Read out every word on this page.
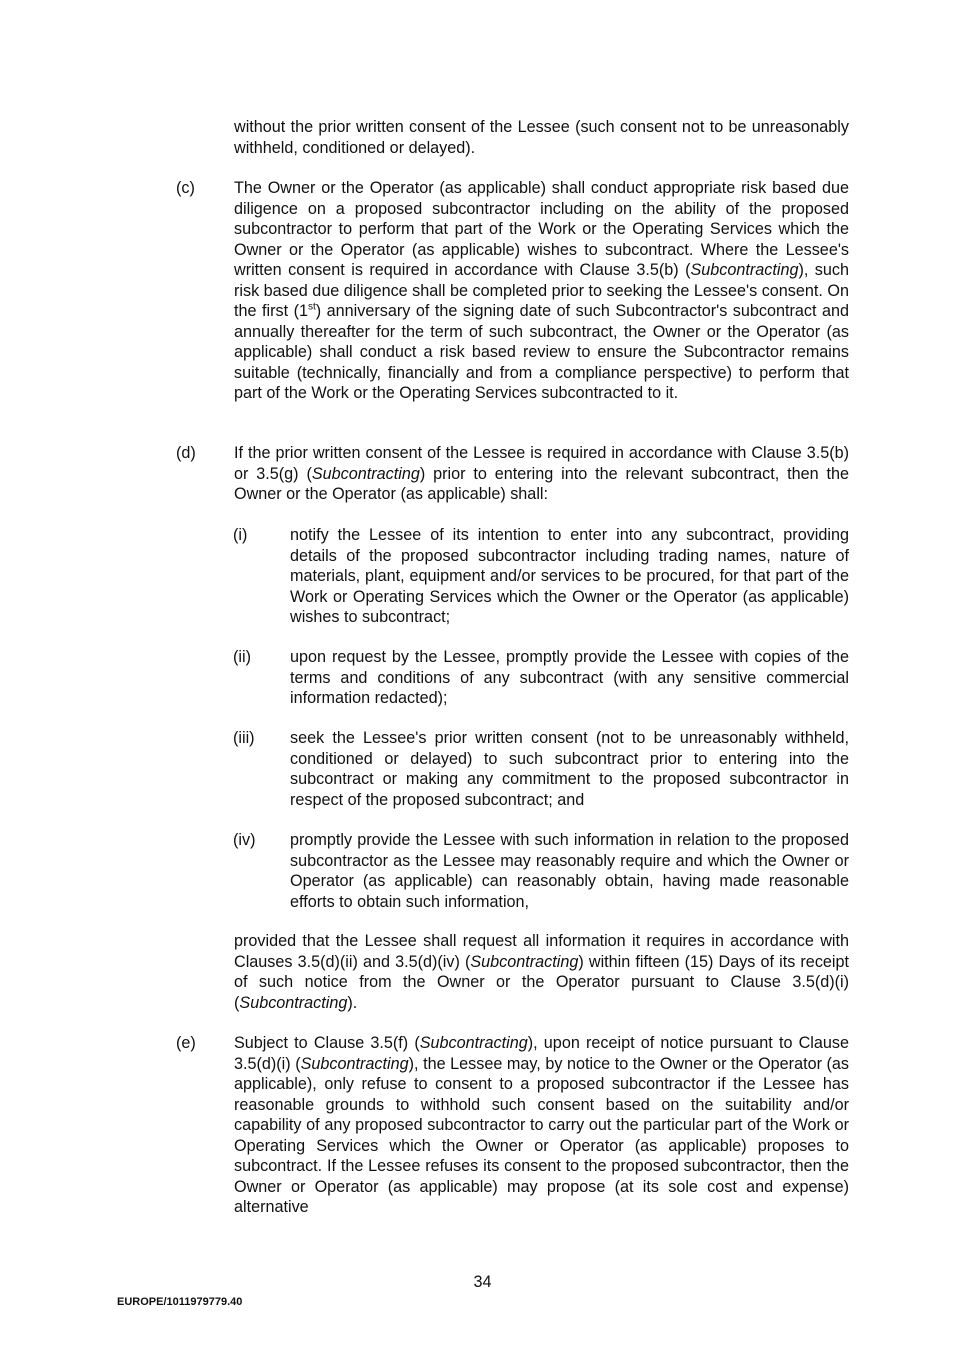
without the prior written consent of the Lessee (such consent not to be unreasonably withheld, conditioned or delayed).

(c) The Owner or the Operator (as applicable) shall conduct appropriate risk based due diligence on a proposed subcontractor including on the ability of the proposed subcontractor to perform that part of the Work or the Operating Services which the Owner or the Operator (as applicable) wishes to subcontract. Where the Lessee's written consent is required in accordance with Clause 3.5(b) (Subcontracting), such risk based due diligence shall be completed prior to seeking the Lessee's consent. On the first (1st) anniversary of the signing date of such Subcontractor's subcontract and annually thereafter for the term of such subcontract, the Owner or the Operator (as applicable) shall conduct a risk based review to ensure the Subcontractor remains suitable (technically, financially and from a compliance perspective) to perform that part of the Work or the Operating Services subcontracted to it.

(d) If the prior written consent of the Lessee is required in accordance with Clause 3.5(b) or 3.5(g) (Subcontracting) prior to entering into the relevant subcontract, then the Owner or the Operator (as applicable) shall:

(i)	notify the Lessee of its intention to enter into any subcontract, providing details of the proposed subcontractor including trading names, nature of materials, plant, equipment and/or services to be procured, for that part of the Work or Operating Services which the Owner or the Operator (as applicable) wishes to subcontract;

(ii) upon request by the Lessee, promptly provide the Lessee with copies of the terms and conditions of any subcontract (with any sensitive commercial information redacted);

(iii) seek the Lessee's prior written consent (not to be unreasonably withheld, conditioned or delayed) to such subcontract prior to entering into the subcontract or making any commitment to the proposed subcontractor in respect of the proposed subcontract; and

(iv) promptly provide the Lessee with such information in relation to the proposed subcontractor as the Lessee may reasonably require and which the Owner or Operator (as applicable) can reasonably obtain, having made reasonable efforts to obtain such information,

provided that the Lessee shall request all information it requires in accordance with Clauses 3.5(d)(ii) and 3.5(d)(iv) (Subcontracting) within fifteen (15) Days of its receipt of such notice from the Owner or the Operator pursuant to Clause 3.5(d)(i) (Subcontracting).

(e) Subject to Clause 3.5(f) (Subcontracting), upon receipt of notice pursuant to Clause 3.5(d)(i) (Subcontracting), the Lessee may, by notice to the Owner or the Operator (as applicable), only refuse to consent to a proposed subcontractor if the Lessee has reasonable grounds to withhold such consent based on the suitability and/or capability of any proposed subcontractor to carry out the particular part of the Work or Operating Services which the Owner or Operator (as applicable) proposes to subcontract. If the Lessee refuses its consent to the proposed subcontractor, then the Owner or Operator (as applicable) may propose (at its sole cost and expense) alternative

34

EUROPE/1011979779.40
